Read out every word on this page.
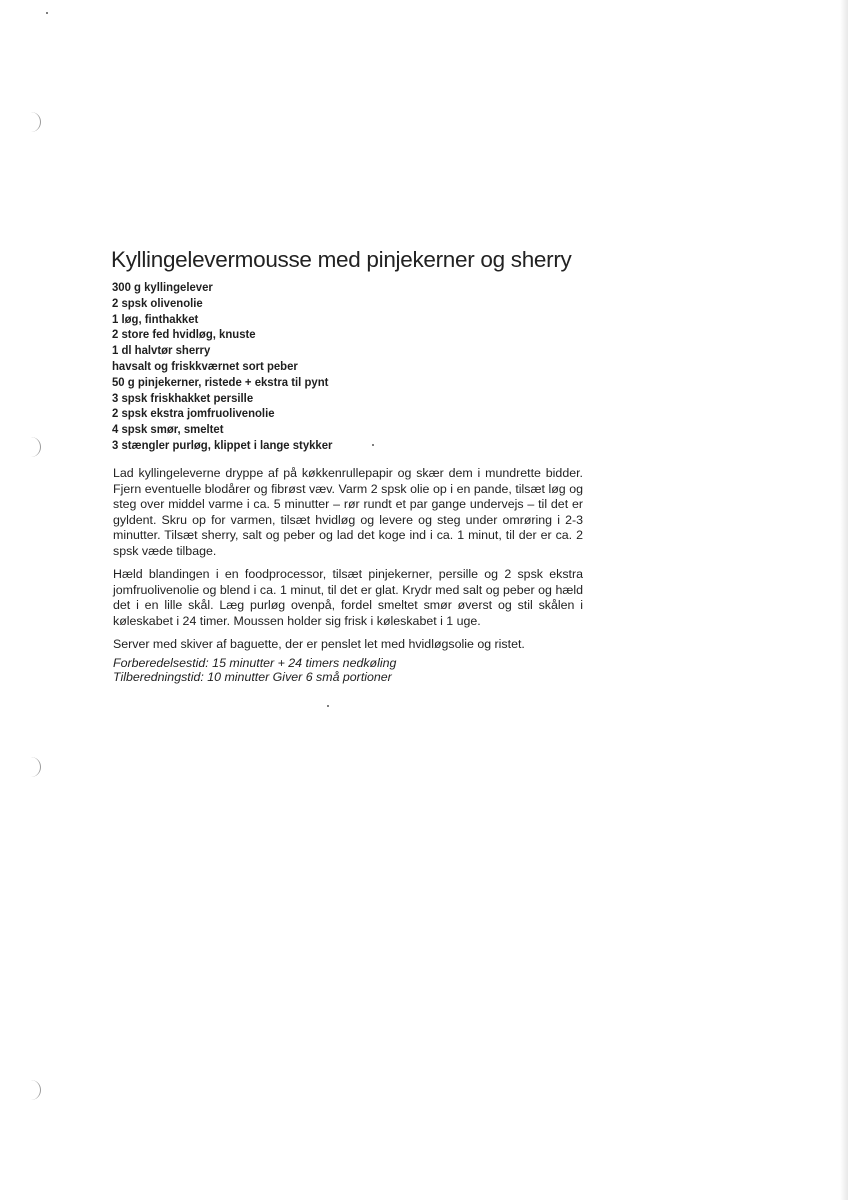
Kyllingelevermousse med pinjekerner og sherry
300 g kyllingelever
2 spsk olivenolie
1 løg, finthakket
2 store fed hvidløg, knuste
1 dl halvtør sherry
havsalt og friskkværnet sort peber
50 g pinjekerner, ristede + ekstra til pynt
3 spsk friskhakket persille
2 spsk ekstra jomfruolivenolie
4 spsk smør, smeltet
3 stængler purløg, klippet i lange stykker

Lad kyllingeleverne dryppe af på køkkenrullepapir og skær dem i mundrette bidder. Fjern eventuelle blodårer og fibrøst væv. Varm 2 spsk olie op i en pande, tilsæt løg og steg over middel varme i ca. 5 minutter – rør rundt et par gange undervejs – til det er gyldent. Skru op for varmen, tilsæt hvidløg og levere og steg under omrøring i 2-3 minutter. Tilsæt sherry, salt og peber og lad det koge ind i ca. 1 minut, til der er ca. 2 spsk væde tilbage.

Hæld blandingen i en foodprocessor, tilsæt pinjekerner, persille og 2 spsk ekstra jomfruolivenolie og blend i ca. 1 minut, til det er glat. Krydr med salt og peber og hæld det i en lille skål. Læg purløg ovenpå, fordel smeltet smør øverst og stil skålen i køleskabet i 24 timer. Moussen holder sig frisk i køleskabet i 1 uge.

Server med skiver af baguette, der er penslet let med hvidløgsolie og ristet.

Forberedelsestid: 15 minutter + 24 timers nedkøling
Tilberedningstid: 10 minutter Giver 6 små portioner
